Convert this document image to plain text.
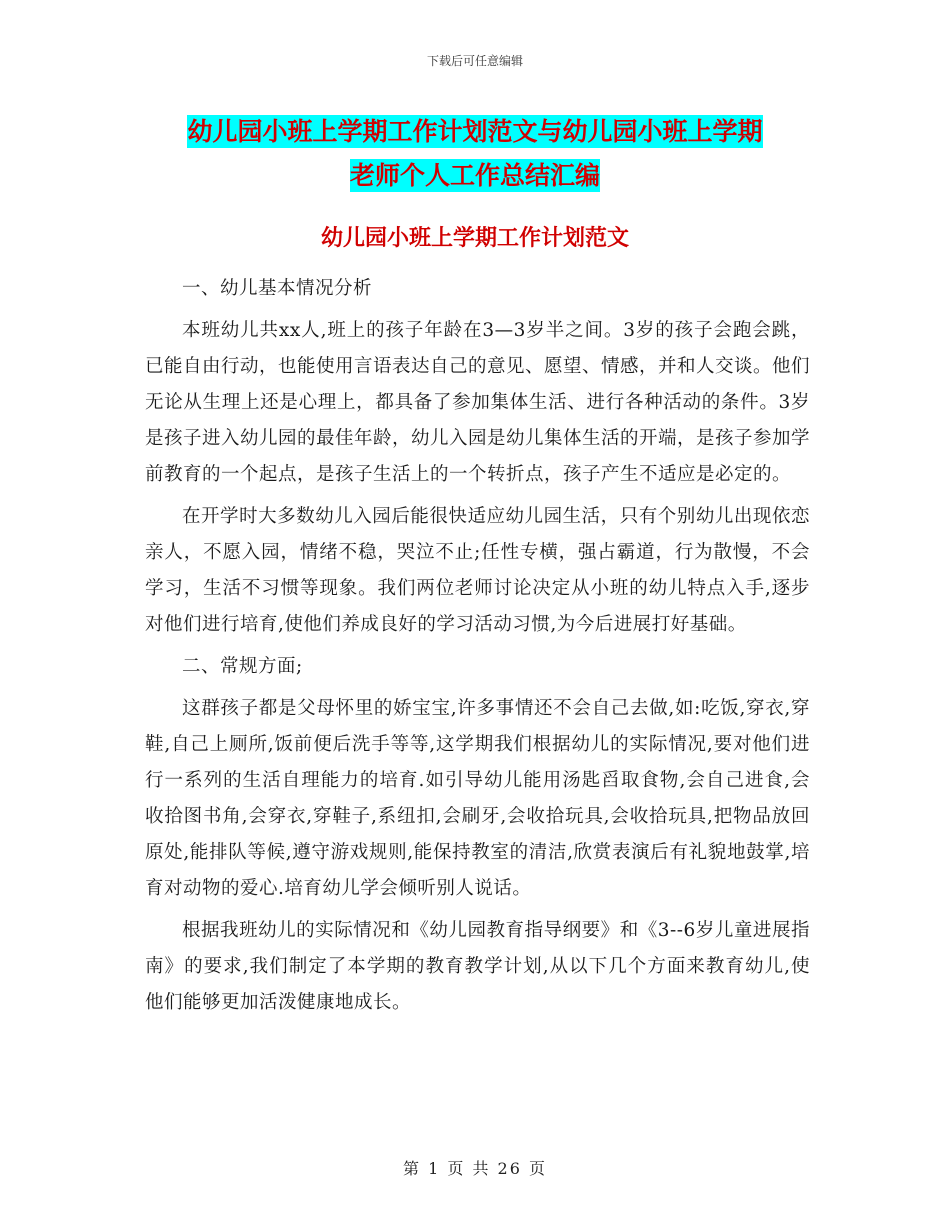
下载后可任意编辑
幼儿园小班上学期工作计划范文与幼儿园小班上学期
老师个人工作总结汇编
幼儿园小班上学期工作计划范文

一、幼儿基本情况分析

本班幼儿共xx人,班上的孩子年龄在3—3岁半之间。3岁的孩子会跑会跳，已能自由行动，也能使用言语表达自己的意见、愿望、情感，并和人交谈。他们无论从生理上还是心理上，都具备了参加集体生活、进行各种活动的条件。3岁是孩子进入幼儿园的最佳年龄，幼儿入园是幼儿集体生活的开端，是孩子参加学前教育的一个起点，是孩子生活上的一个转折点，孩子产生不适应是必定的。

在开学时大多数幼儿入园后能很快适应幼儿园生活，只有个别幼儿出现依恋亲人，不愿入园，情绪不稳，哭泣不止;任性专横，强占霸道，行为散慢，不会学习，生活不习惯等现象。我们两位老师讨论决定从小班的幼儿特点入手,逐步对他们进行培育,使他们养成良好的学习活动习惯,为今后进展打好基础。

二、常规方面;

这群孩子都是父母怀里的娇宝宝,许多事情还不会自己去做,如:吃饭,穿衣,穿鞋,自己上厕所,饭前便后洗手等等,这学期我们根据幼儿的实际情况,要对他们进行一系列的生活自理能力的培育.如引导幼儿能用汤匙舀取食物,会自己进食,会收拾图书角,会穿衣,穿鞋子,系纽扣,会刷牙,会收拾玩具,会收拾玩具,把物品放回原处,能排队等候,遵守游戏规则,能保持教室的清洁,欣赏表演后有礼貌地鼓掌,培育对动物的爱心.培育幼儿学会倾听别人说话。

根据我班幼儿的实际情况和《幼儿园教育指导纲要》和《3--6岁儿童进展指南》的要求,我们制定了本学期的教育教学计划,从以下几个方面来教育幼儿,使他们能够更加活泼健康地成长。

第 1 页 共 26 页
